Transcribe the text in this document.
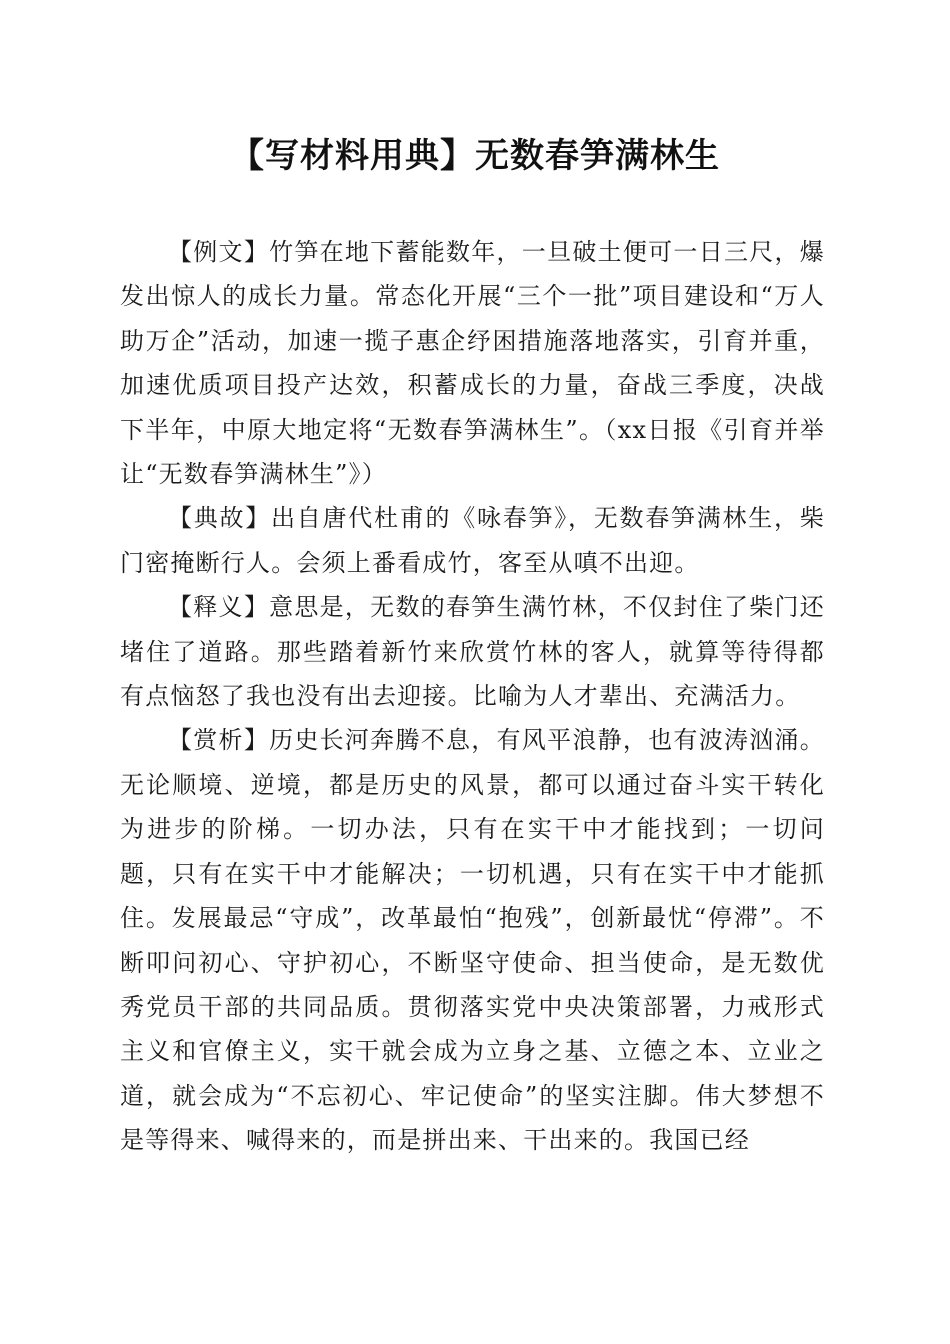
【写材料用典】无数春笋满林生

【例文】竹笋在地下蓄能数年，一旦破土便可一日三尺，爆发出惊人的成长力量。常态化开展“三个一批”项目建设和“万人助万企”活动，加速一揽子惠企纾困措施落地落实，引育并重，加速优质项目投产达效，积蓄成长的力量，奋战三季度，决战下半年，中原大地定将“无数春笋满林生”。（xx日报《引育并举让“无数春笋满林生”》）

【典故】出自唐代杜甫的《咏春笋》，无数春笋满林生，柴门密掩断行人。会须上番看成竹，客至从嗔不出迎。

【释义】意思是，无数的春笋生满竹林，不仅封住了柴门还堵住了道路。那些踏着新竹来欣赏竹林的客人，就算等待得都有点恼怒了我也没有出去迎接。比喻为人才辈出、充满活力。

【赏析】历史长河奔腾不息，有风平浪静，也有波涛汹涌。无论顺境、逆境，都是历史的风景，都可以通过奋斗实干转化为进步的阶梯。一切办法，只有在实干中才能找到；一切问题，只有在实干中才能解决；一切机遇，只有在实干中才能抓住。发展最忌“守成”，改革最怕“抱残”，创新最忧“停滞”。不断叩问初心、守护初心，不断坚守使命、担当使命，是无数优秀党员干部的共同品质。贯彻落实党中央决策部署，力戒形式主义和官僚主义，实干就会成为立身之基、立德之本、立业之道，就会成为“不忘初心、牢记使命”的坚实注脚。伟大梦想不是等得来、喊得来的，而是拼出来、干出来的。我国已经
